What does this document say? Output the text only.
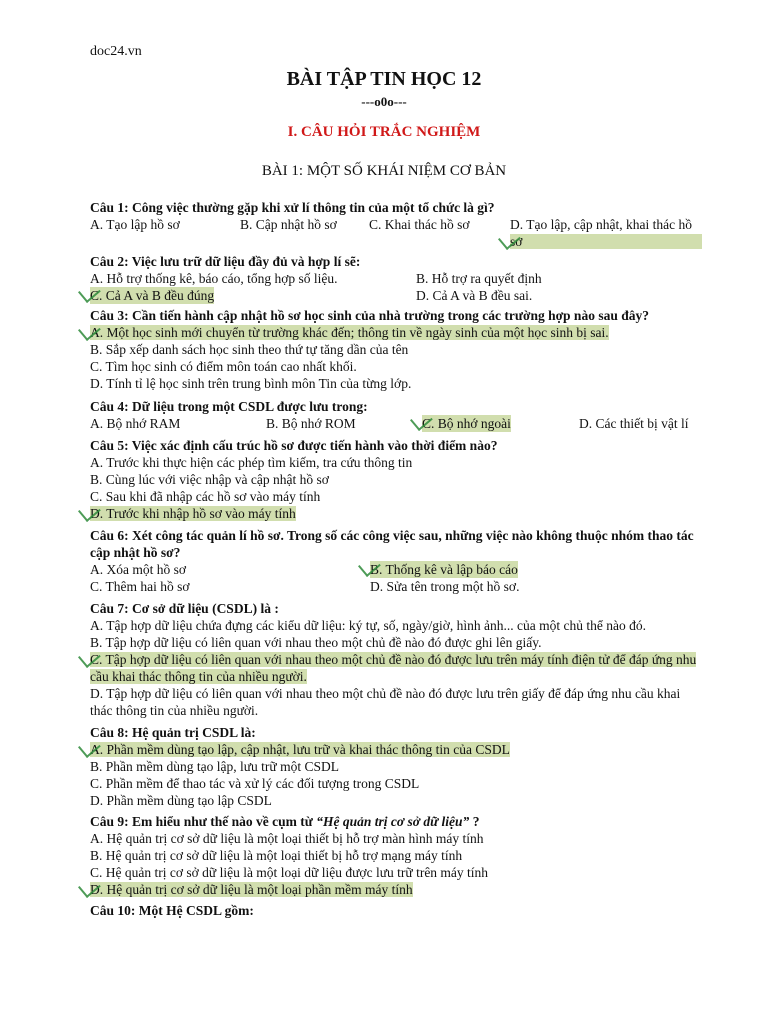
doc24.vn
BÀI TẬP TIN HỌC 12
---o0o---
I. CÂU HỎI TRẮC NGHIỆM
BÀI 1: MỘT SỐ KHÁI NIỆM CƠ BẢN
Câu 1: Công việc thường gặp khi xử lí thông tin của một tổ chức là gì?
A. Tạo lập hồ sơ	B. Cập nhật hồ sơ	C. Khai thác hồ sơ	D. Tạo lập, cập nhật, khai thác hồ sơ
Câu 2: Việc lưu trữ dữ liệu đầy đủ và hợp lí sẽ:
A. Hỗ trợ thống kê, báo cáo, tổng hợp số liệu.	B. Hỗ trợ ra quyết định
C. Cả A và B đều đúng	D. Cả A và B đều sai.
Câu 3: Cần tiến hành cập nhật hồ sơ học sinh của nhà trường trong các trường hợp nào sau đây?
A. Một học sinh mới chuyển từ trường khác đến; thông tin về ngày sinh của một học sinh bị sai.
B. Sắp xếp danh sách học sinh theo thứ tự tăng dần của tên
C. Tìm học sinh có điểm môn toán cao nhất khối.
D. Tính tỉ lệ học sinh trên trung bình môn Tin của từng lớp.
Câu 4: Dữ liệu trong một CSDL được lưu trong:
A. Bộ nhớ RAM	B. Bộ nhớ ROM	C. Bộ nhớ ngoài	D. Các thiết bị vật lí
Câu 5: Việc xác định cấu trúc hồ sơ được tiến hành vào thời điểm nào?
A. Trước khi thực hiện các phép tìm kiếm, tra cứu thông tin
B. Cùng lúc với việc nhập và cập nhật hồ sơ
C. Sau khi đã nhập các hồ sơ vào máy tính
D. Trước khi nhập hồ sơ vào máy tính
Câu 6: Xét công tác quản lí hồ sơ. Trong số các công việc sau, những việc nào không thuộc nhóm thao tác cập nhật hồ sơ?
A. Xóa một hồ sơ	B. Thống kê và lập báo cáo
C. Thêm hai hồ sơ	D. Sửa tên trong một hồ sơ.
Câu 7: Cơ sở dữ liệu (CSDL) là :
A. Tập hợp dữ liệu chứa đựng các kiểu dữ liệu: ký tự, số, ngày/giờ, hình ảnh... của một chủ thể nào đó.
B. Tập hợp dữ liệu có liên quan với nhau theo một chủ đề nào đó được ghi lên giấy.
C. Tập hợp dữ liệu có liên quan với nhau theo một chủ đề nào đó được lưu trên máy tính điện tử để đáp ứng nhu cầu khai thác thông tin của nhiều người.
D. Tập hợp dữ liệu có liên quan với nhau theo một chủ đề nào đó được lưu trên giấy để đáp ứng nhu cầu khai thác thông tin của nhiều người.
Câu 8: Hệ quản trị CSDL là:
A. Phần mềm dùng tạo lập, cập nhật, lưu trữ và khai thác thông tin của CSDL
B. Phần mềm dùng tạo lập, lưu trữ một CSDL
C. Phần mềm để thao tác và xử lý các đối tượng trong CSDL
D. Phần mềm dùng tạo lập CSDL
Câu 9: Em hiểu như thế nào về cụm từ “Hệ quản trị cơ sở dữ liệu” ?
A. Hệ quản trị cơ sở dữ liệu là một loại thiết bị hỗ trợ màn hình máy tính
B. Hệ quản trị cơ sở dữ liệu là một loại thiết bị hỗ trợ mạng máy tính
C. Hệ quản trị cơ sở dữ liệu là một loại dữ liệu được lưu trữ trên máy tính
D. Hệ quản trị cơ sở dữ liệu là một loại phần mềm máy tính
Câu 10: Một Hệ CSDL gồm:
